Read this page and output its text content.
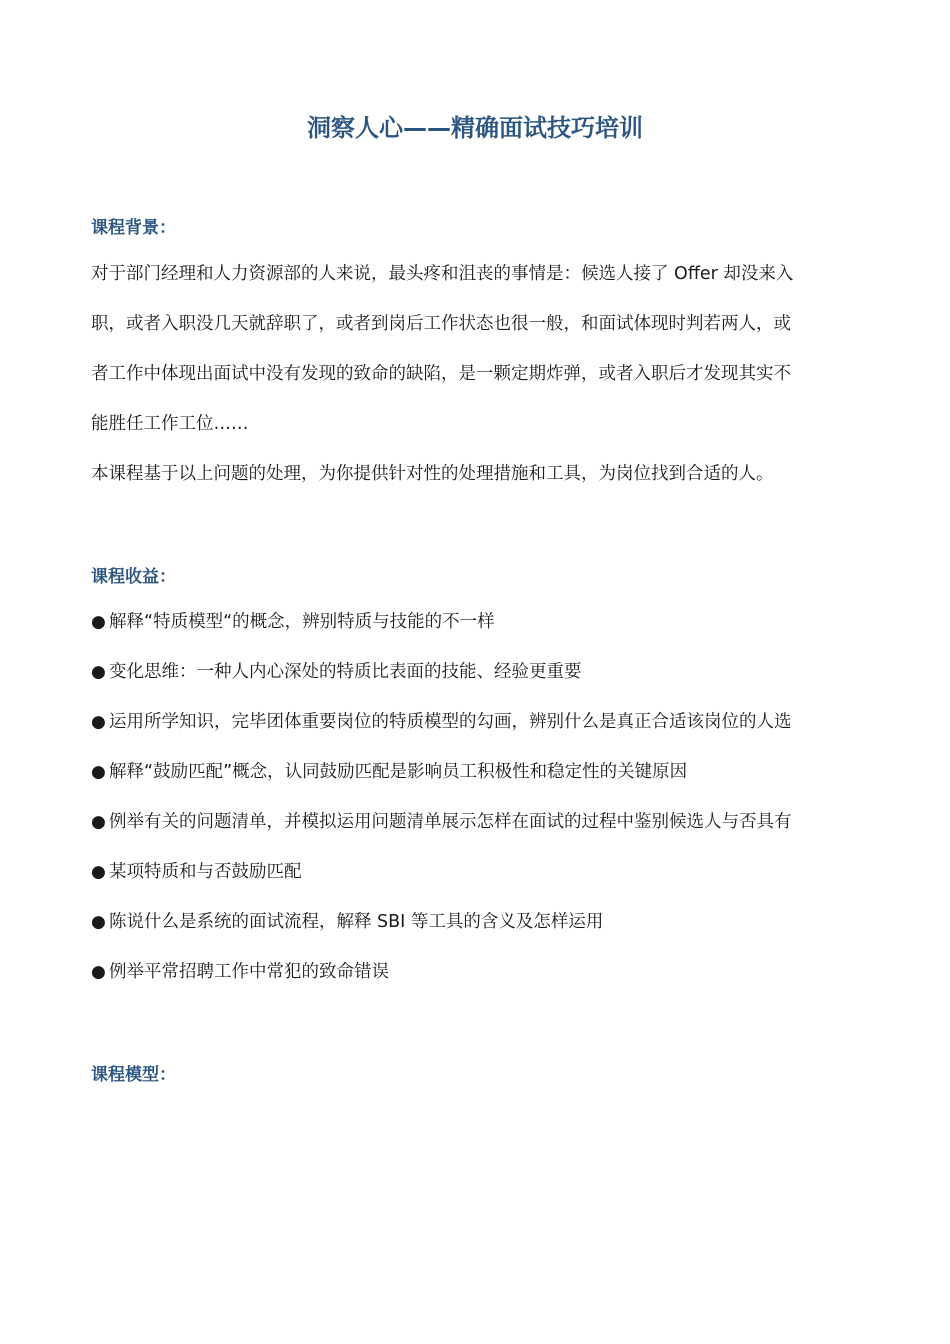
洞察人心——精确面试技巧培训
课程背景：
对于部门经理和人力资源部的人来说，最头疼和沮丧的事情是：候选人接了 Offer 却没来入
职，或者入职没几天就辞职了，或者到岗后工作状态也很一般，和面试体现时判若两人，或
者工作中体现出面试中没有发现的致命的缺陷，是一颗定期炸弹，或者入职后才发现其实不
能胜任工作工位……
本课程基于以上问题的处理，为你提供针对性的处理措施和工具，为岗位找到合适的人。
课程收益：
● 解释“特质模型“的概念，辨别特质与技能的不一样
● 变化思维：一种人内心深处的特质比表面的技能、经验更重要
● 运用所学知识，完毕团体重要岗位的特质模型的勾画，辨别什么是真正合适该岗位的人选
● 解释“鼓励匹配”概念，认同鼓励匹配是影响员工积极性和稳定性的关键原因
● 例举有关的问题清单，并模拟运用问题清单展示怎样在面试的过程中鉴别候选人与否具有
● 某项特质和与否鼓励匹配
● 陈说什么是系统的面试流程，解释 SBI 等工具的含义及怎样运用
● 例举平常招聘工作中常犯的致命错误
课程模型：
